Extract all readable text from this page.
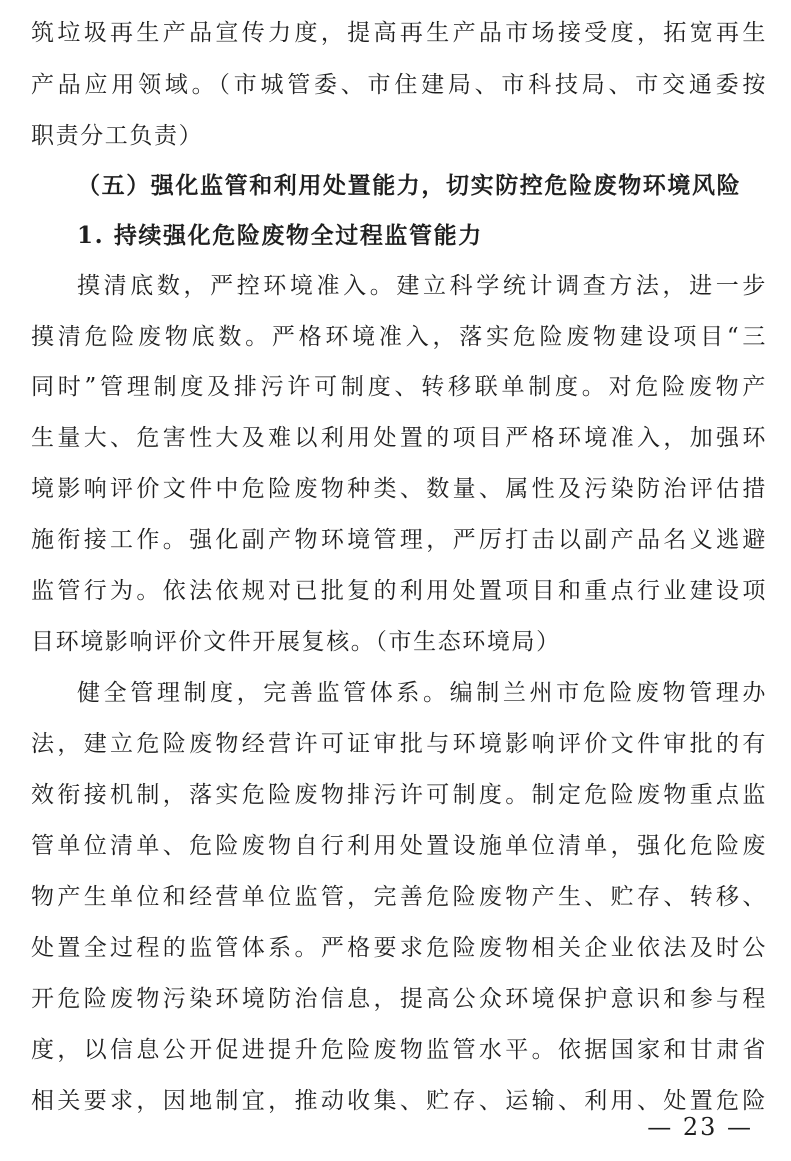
筑垃圾再生产品宣传力度，提高再生产品市场接受度，拓宽再生
产品应用领域。（市城管委、市住建局、市科技局、市交通委按
职责分工负责）
（五）强化监管和利用处置能力，切实防控危险废物环境风险
1. 持续强化危险废物全过程监管能力
摸清底数，严控环境准入。建立科学统计调查方法，进一步
摸清危险废物底数。严格环境准入，落实危险废物建设项目“三
同时”管理制度及排污许可制度、转移联单制度。对危险废物产
生量大、危害性大及难以利用处置的项目严格环境准入，加强环
境影响评价文件中危险废物种类、数量、属性及污染防治评估措
施衔接工作。强化副产物环境管理，严厉打击以副产品名义逃避
监管行为。依法依规对已批复的利用处置项目和重点行业建设项
目环境影响评价文件开展复核。（市生态环境局）
健全管理制度，完善监管体系。编制兰州市危险废物管理办
法，建立危险废物经营许可证审批与环境影响评价文件审批的有
效衔接机制，落实危险废物排污许可制度。制定危险废物重点监
管单位清单、危险废物自行利用处置设施单位清单，强化危险废
物产生单位和经营单位监管，完善危险废物产生、贮存、转移、
处置全过程的监管体系。严格要求危险废物相关企业依法及时公
开危险废物污染环境防治信息，提高公众环境保护意识和参与程
度，以信息公开促进提升危险废物监管水平。依据国家和甘肃省
相关要求，因地制宜，推动收集、贮存、运输、利用、处置危险
— 23 —
